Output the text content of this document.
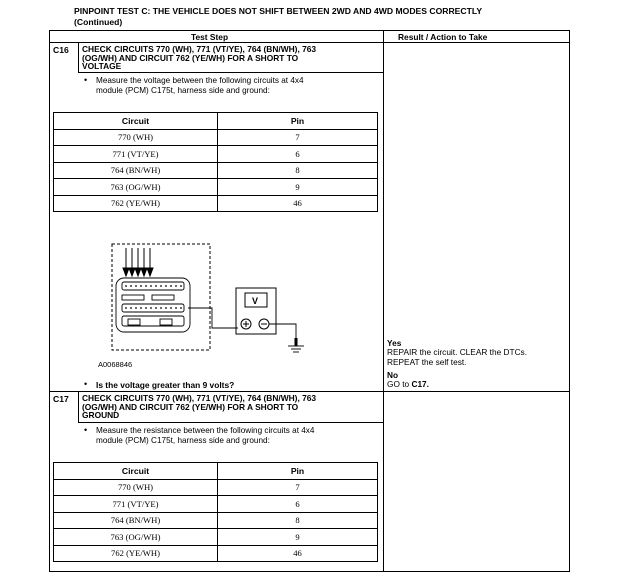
PINPOINT TEST C: THE VEHICLE DOES NOT SHIFT BETWEEN 2WD AND 4WD MODES CORRECTLY
(Continued)
Test Step	Result / Action to Take
C16 CHECK CIRCUITS 770 (WH), 771 (VT/YE), 764 (BN/WH), 763
(OG/WH) AND CIRCUIT 762 (YE/WH) FOR A SHORT TO
VOLTAGE
• Measure the voltage between the following circuits at 4x4
module (PCM) C175t, harness side and ground:
Circuit	Pin
770 (WH)	7
771 (VT/YE)	6
764 (BN/WH)	8
763 (OG/WH)	9
762 (YE/WH)	46
V
A0068846
• Is the voltage greater than 9 volts?
Yes
REPAIR the circuit. CLEAR the DTCs.
REPEAT the self test.
No
GO to C17.
C17 CHECK CIRCUITS 770 (WH), 771 (VT/YE), 764 (BN/WH), 763
(OG/WH) AND CIRCUIT 762 (YE/WH) FOR A SHORT TO
GROUND
• Measure the resistance between the following circuits at 4x4
module (PCM) C175t, harness side and ground:
Circuit	Pin
770 (WH)	7
771 (VT/YE)	6
764 (BN/WH)	8
763 (OG/WH)	9
762 (YE/WH)	46
